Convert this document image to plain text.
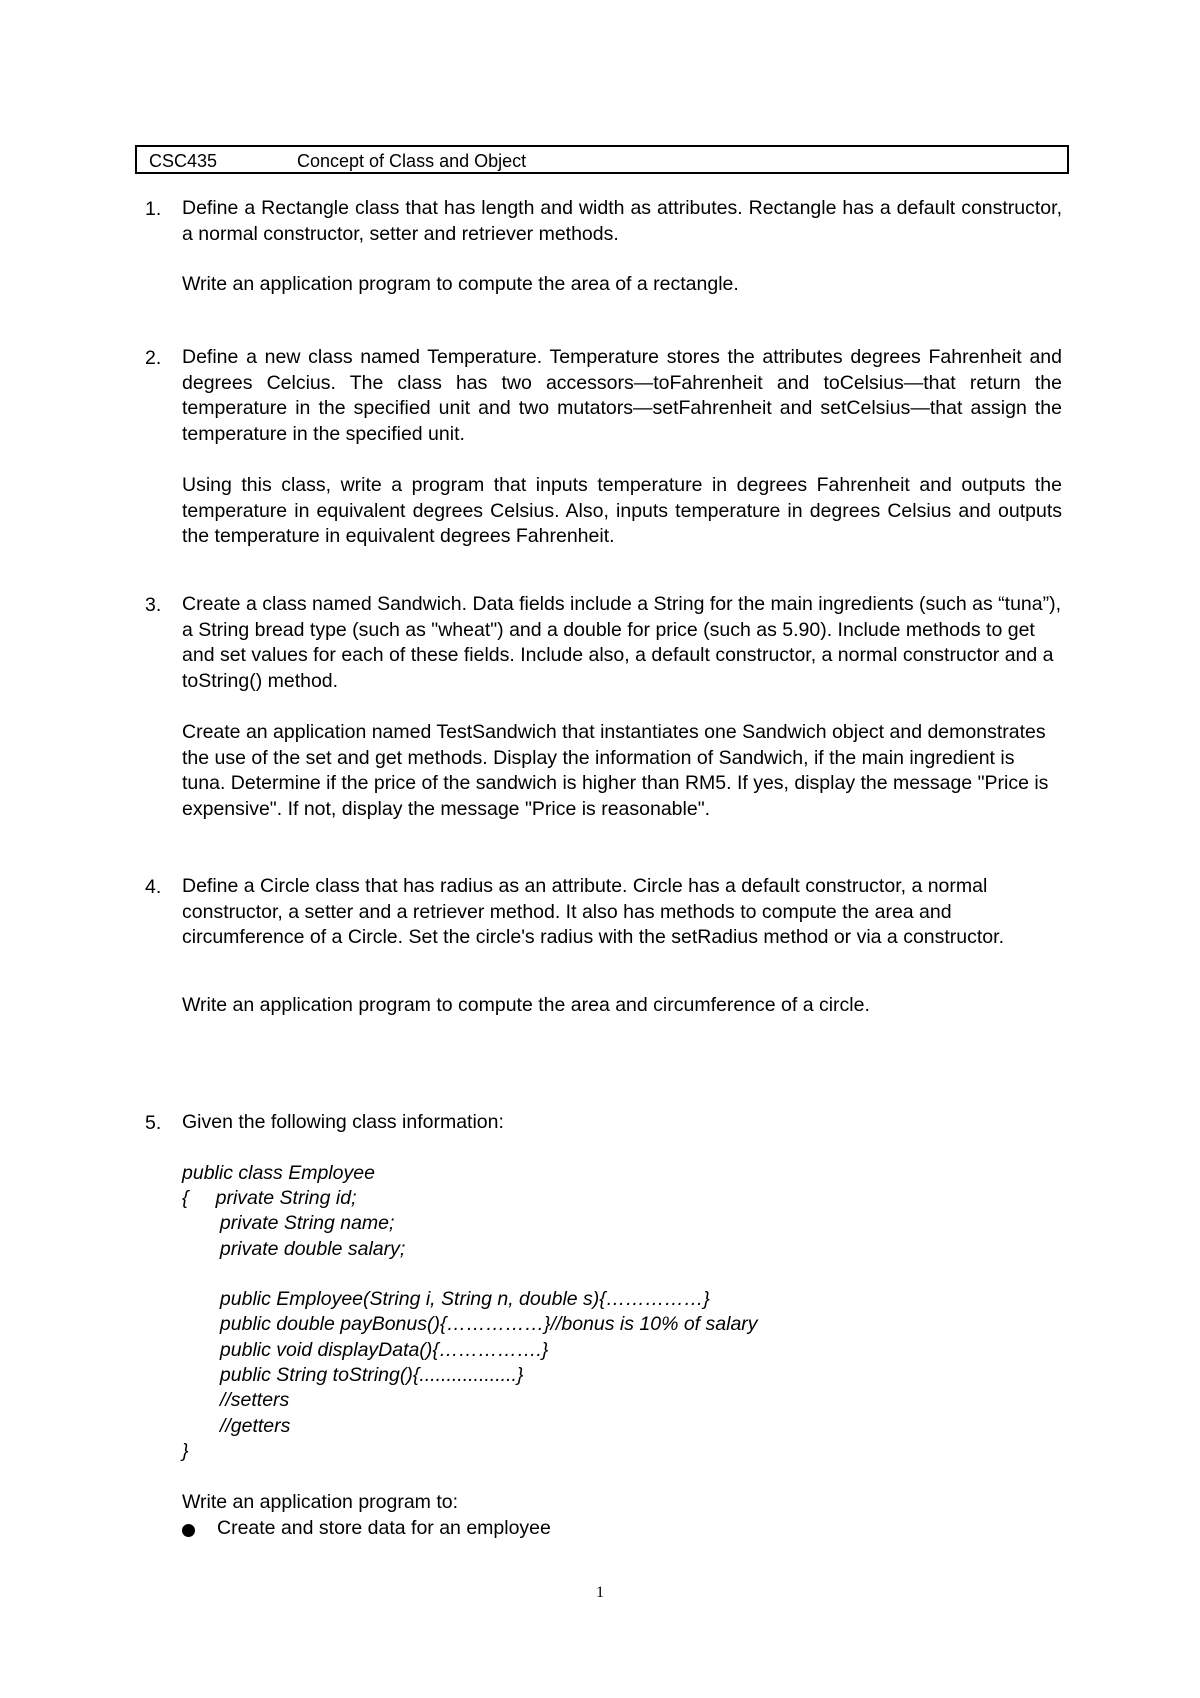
CSC435	Concept of Class and Object
1. Define a Rectangle class that has length and width as attributes. Rectangle has a default constructor, a normal constructor, setter and retriever methods.

Write an application program to compute the area of a rectangle.

2. Define a new class named Temperature. Temperature stores the attributes degrees Fahrenheit and degrees Celcius. The class has two accessors—toFahrenheit and toCelsius—that return the temperature in the specified unit and two mutators—setFahrenheit and setCelsius—that assign the temperature in the specified unit.

Using this class, write a program that inputs temperature in degrees Fahrenheit and outputs the temperature in equivalent degrees Celsius. Also, inputs temperature in degrees Celsius and outputs the temperature in equivalent degrees Fahrenheit.

3. Create a class named Sandwich. Data fields include a String for the main ingredients (such as “tuna”), a String bread type (such as "wheat") and a double for price (such as 5.90). Include methods to get and set values for each of these fields. Include also, a default constructor, a normal constructor and a toString() method.

Create an application named TestSandwich that instantiates one Sandwich object and demonstrates the use of the set and get methods. Display the information of Sandwich, if the main ingredient is tuna. Determine if the price of the sandwich is higher than RM5. If yes, display the message "Price is expensive". If not, display the message "Price is reasonable".

4. Define a Circle class that has radius as an attribute. Circle has a default constructor, a normal constructor, a setter and a retriever method. It also has methods to compute the area and circumference of a Circle. Set the circle's radius with the setRadius method or via a constructor.

Write an application program to compute the area and circumference of a circle.

5. Given the following class information:

public class Employee

{     private String id;

private String name;

private double salary;

public Employee(String i, String n, double s){……………}

public double payBonus(){……………}//bonus is 10% of salary

public void displayData(){…………….}

public String toString(){..................}

//setters

//getters

}

Write an application program to:

Create and store data for an employee
1
